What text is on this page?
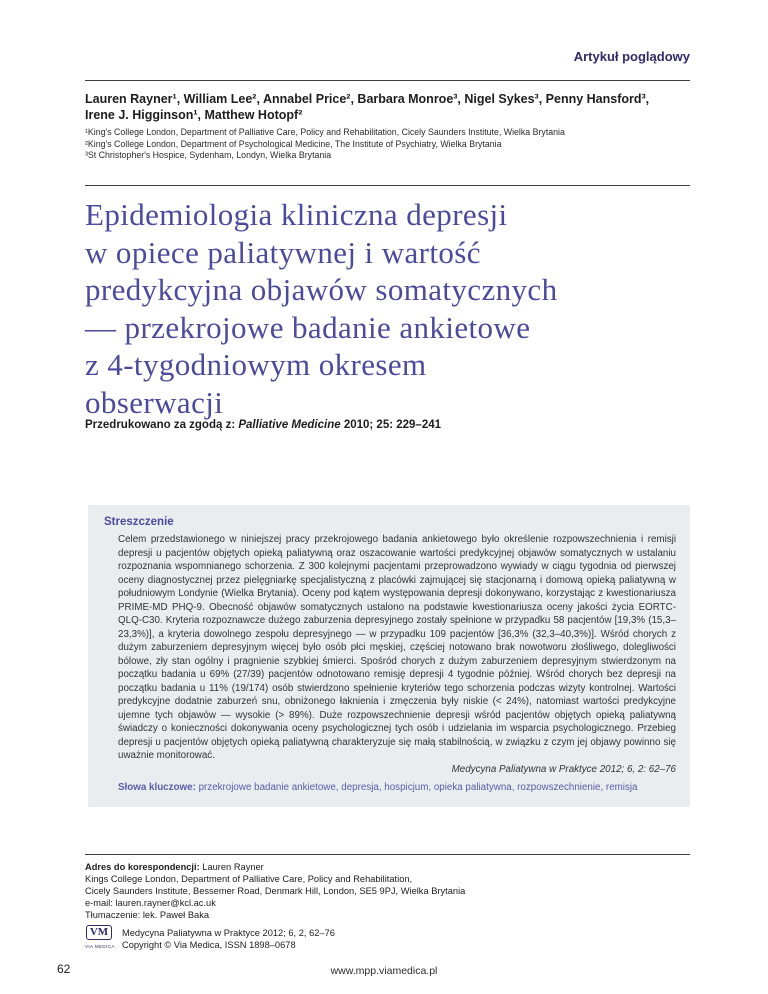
Artykuł poglądowy
Lauren Rayner¹, William Lee², Annabel Price², Barbara Monroe³, Nigel Sykes³, Penny Hansford³,
Irene J. Higginson¹, Matthew Hotopf²
¹King's College London, Department of Palliative Care, Policy and Rehabilitation, Cicely Saunders Institute, Wielka Brytania
²King's College London, Department of Psychological Medicine, The Institute of Psychiatry, Wielka Brytania
³St Christopher's Hospice, Sydenham, Londyn, Wielka Brytania
Epidemiologia kliniczna depresji
w opiece paliatywnej i wartość
predykcyjna objawów somatycznych
— przekrojowe badanie ankietowe
z 4-tygodniowym okresem
obserwacji
Przedrukowano za zgodą z: Palliative Medicine 2010; 25: 229–241
Streszczenie

Celem przedstawionego w niniejszej pracy przekrojowego badania ankietowego było określenie rozpowszechnienia i remisji depresji u pacjentów objętych opieką paliatywną oraz oszacowanie wartości predykcyjnej objawów somatycznych w ustalaniu rozpoznania wspomnianego schorzenia. Z 300 kolejnymi pacjentami przeprowadzono wywiady w ciągu tygodnia od pierwszej oceny diagnostycznej przez pielęgniarkę specjalistyczną z placówki zajmującej się stacjonarną i domową opieką paliatywną w południowym Londynie (Wielka Brytania). Oceny pod kątem występowania depresji dokonywano, korzystając z kwestionariusza PRIME-MD PHQ-9. Obecność objawów somatycznych ustalono na podstawie kwestionariusza oceny jakości życia EORTC-QLQ-C30. Kryteria rozpoznawcze dużego zaburzenia depresyjnego zostały spełnione w przypadku 58 pacjentów [19,3% (15,3–23,3%)], a kryteria dowolnego zespołu depresyjnego — w przypadku 109 pacjentów [36,3% (32,3–40,3%)]. Wśród chorych z dużym zaburzeniem depresyjnym więcej było osób płci męskiej, częściej notowano brak nowotworu złośliwego, dolegliwości bólowe, zły stan ogólny i pragnienie szybkiej śmierci. Spośród chorych z dużym zaburzeniem depresyjnym stwierdzonym na początku badania u 69% (27/39) pacjentów odnotowano remisję depresji 4 tygodnie później. Wśród chorych bez depresji na początku badania u 11% (19/174) osób stwierdzono spełnienie kryteriów tego schorzenia podczas wizyty kontrolnej. Wartości predykcyjne dodatnie zaburzeń snu, obniżonego łaknienia i zmęczenia były niskie (< 24%), natomiast wartości predykcyjne ujemne tych objawów — wysokie (> 89%). Duże rozpowszechnienie depresji wśród pacjentów objętych opieką paliatywną świadczy o konieczności dokonywania oceny psychologicznej tych osób i udzielania im wsparcia psychologicznego. Przebieg depresji u pacjentów objętych opieką paliatywną charakteryzuje się małą stabilnością, w związku z czym jej objawy powinno się uważnie monitorować.

Medycyna Paliatywna w Praktyce 2012; 6, 2: 62–76
Słowa kluczowe: przekrojowe badanie ankietowe, depresja, hospicjum, opieka paliatywna, rozpowszechnienie, remisja
Adres do korespondencji: Lauren Rayner
Kings College London, Department of Palliative Care, Policy and Rehabilitation,
Cicely Saunders Institute, Bessemer Road, Denmark Hill, London, SE5 9PJ, Wielka Brytania
e-mail: lauren.rayner@kcl.ac.uk
Tłumaczenie: lek. Paweł Baka
VM
VIA MEDICA
Medycyna Paliatywna w Praktyce 2012; 6, 2, 62–76
Copyright © Via Medica, ISSN 1898–0678
62	www.mpp.viamedica.pl
